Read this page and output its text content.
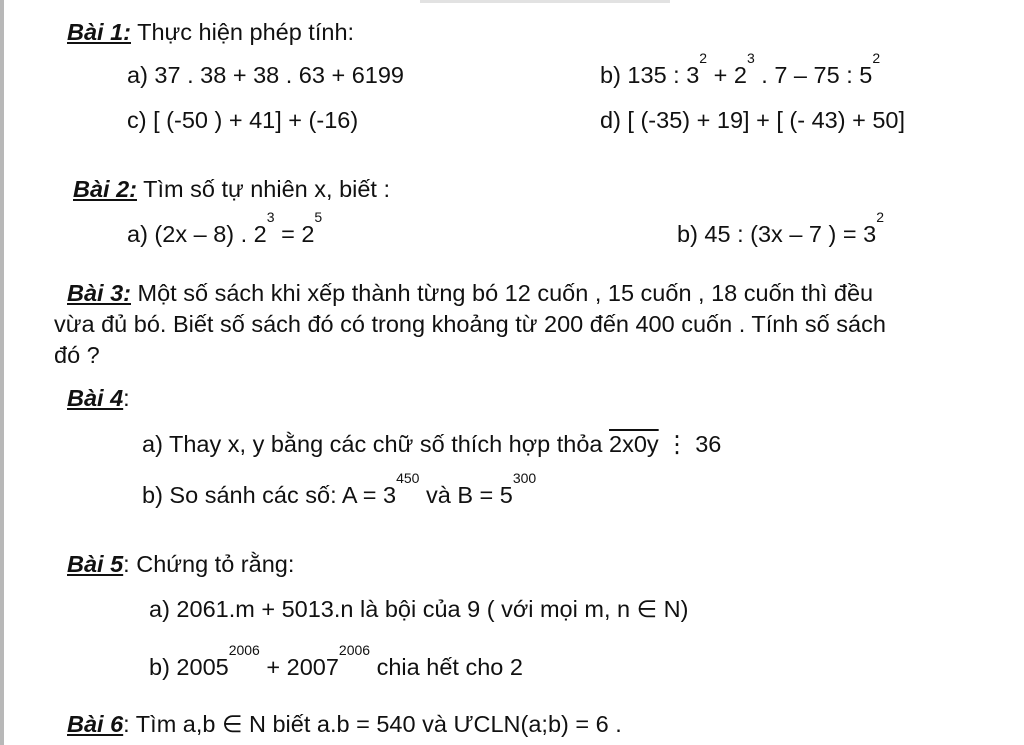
Bài 1: Thực hiện phép tính:
a) 37 . 38 + 38 . 63 + 6199	b) 135 : $3^2 + 2^3$ . 7 – 75 : $5^2$
c) [ (-50 ) + 41] + (-16)	d) [ (-35) + 19] + [ (- 43) + 50]
Bài 2: Tìm số tự nhiên x, biết :
a) (2x – 8) . $2^3 = 2^5$
b) 45 : (3x – 7 ) = $3^2$
Bài 3: Một số sách khi xếp thành từng bó 12 cuốn , 15 cuốn , 18 cuốn thì đều
vừa đủ bó. Biết số sách đó có trong khoảng từ 200 đến 400 cuốn . Tính số sách
đó ?
Bài 4:
a) Thay x, y bằng các chữ số thích hợp thỏa 2x0y ⋮ 36
b) So sánh các số: $A = 3^{450}$ và $B = 5^{300}$
Bài 5: Chứng tỏ rằng:
a) 2061.m + 5013.n là bội của 9 ( với mọi m, n ∈ N)
b) $2005^{2006} + 2007^{2006}$ chia hết cho 2
Bài 6: Tìm a,b ∈ N biết a.b = 540 và ƯCLN(a;b) = 6 .
